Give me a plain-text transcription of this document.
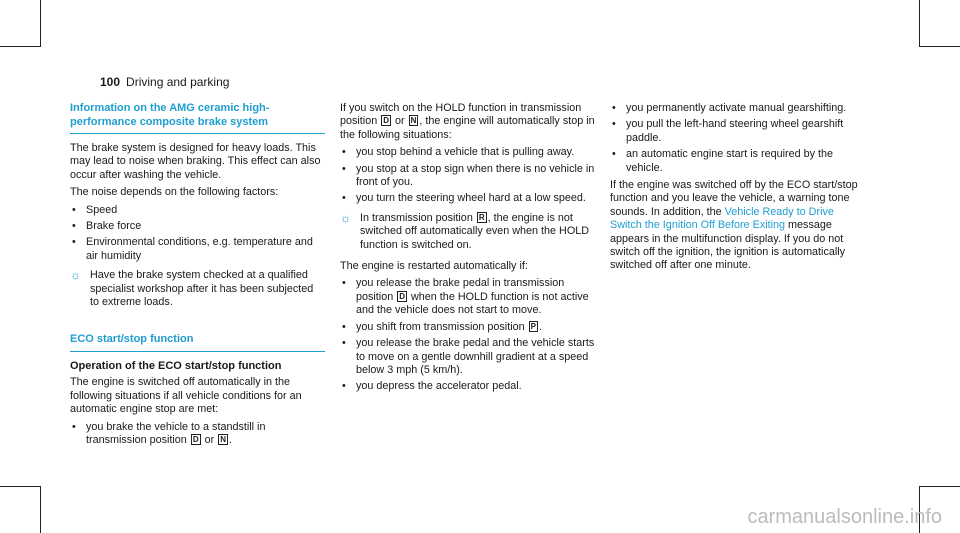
100 Driving and parking
Information on the AMG ceramic high-performance composite brake system

The brake system is designed for heavy loads. This may lead to noise when braking. This effect can also occur after washing the vehicle.

The noise depends on the following factors:

• Speed
• Brake force
• Environmental conditions, e.g. temperature and air humidity
☼ Have the brake system checked at a qualified specialist workshop after it has been subjected to extreme loads.
ECO start/stop function
Operation of the ECO start/stop function

The engine is switched off automatically in the following situations if all vehicle conditions for an automatic engine stop are met:

• you brake the vehicle to a standstill in transmission position D or N .

If you switch on the HOLD function in transmission position D or N , the engine will automatically stop in the following situations:

• you stop behind a vehicle that is pulling away.
• you stop at a stop sign when there is no vehicle in front of you.
• you turn the steering wheel hard at a low speed.
☼ In transmission position R , the engine is not switched off automatically even when the HOLD function is switched on.

The engine is restarted automatically if:

• you release the brake pedal in transmission position D when the HOLD function is not active and the vehicle does not start to move.
• you shift from transmission position P .
• you release the brake pedal and the vehicle starts to move on a gentle downhill gradient at a speed below 3 mph (5 km/h).
• you depress the accelerator pedal.
• you permanently activate manual gearshifting.
• you pull the left-hand steering wheel gearshift paddle.
• an automatic engine start is required by the vehicle.

If the engine was switched off by the ECO start/stop function and you leave the vehicle, a warning tone sounds. In addition, the Vehicle Ready to Drive Switch the Ignition Off Before Exiting message appears in the multifunction display. If you do not switch off the ignition, the ignition is automatically switched off after one minute.

carmanualsonline.info
